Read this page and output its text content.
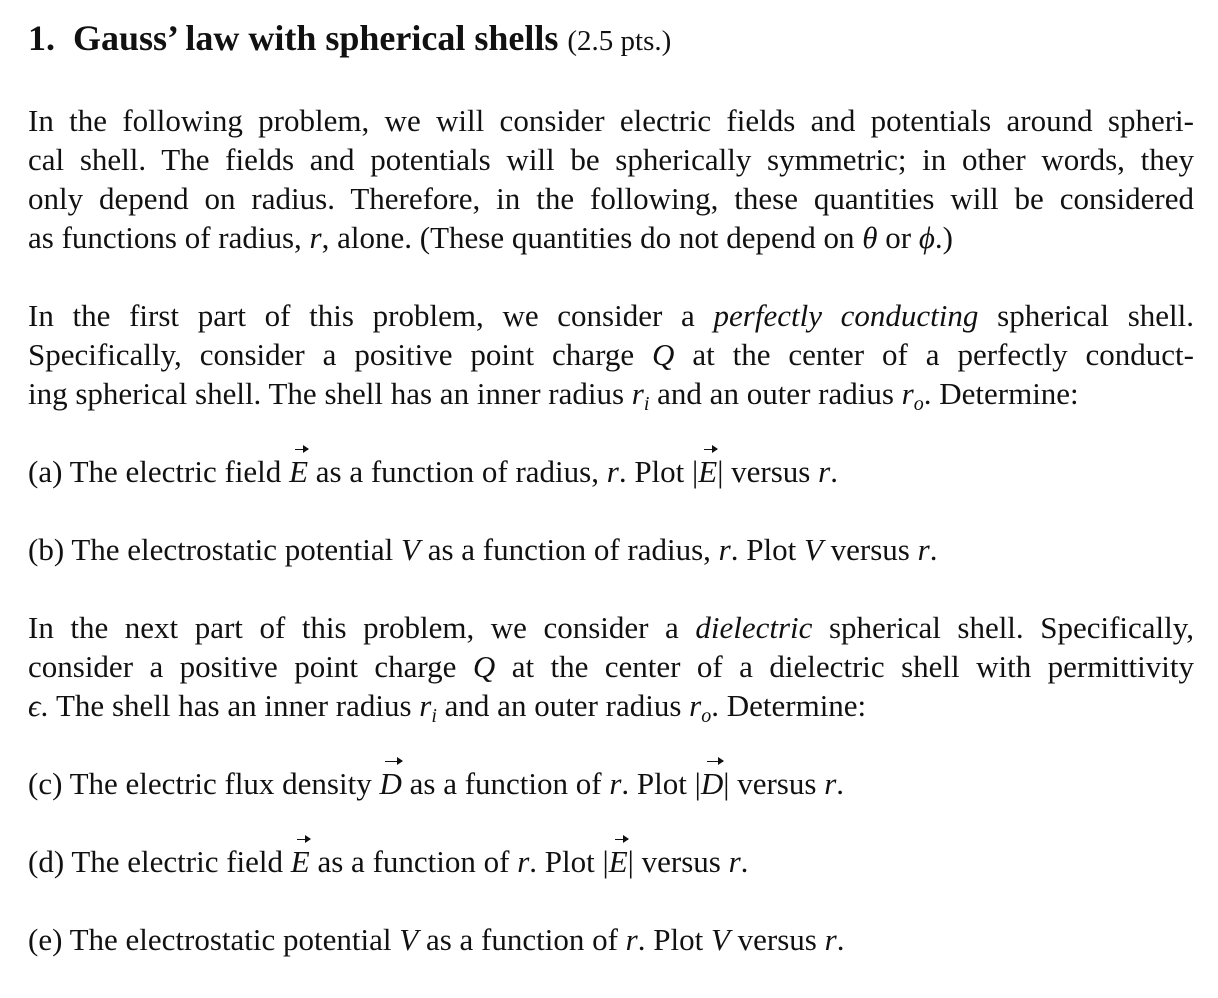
1. Gauss’ law with spherical shells (2.5 pts.)
In the following problem, we will consider electric fields and potentials around spheri-
cal shell. The fields and potentials will be spherically symmetric; in other words, they
only depend on radius. Therefore, in the following, these quantities will be considered
as functions of radius, r, alone. (These quantities do not depend on θ or ϕ.)
In the first part of this problem, we consider a perfectly conducting spherical shell.
Specifically, consider a positive point charge Q at the center of a perfectly conduct-
ing spherical shell. The shell has an inner radius $r_i$ and an outer radius $r_o$. Determine:
(a) The electric field E as a function of radius, r. Plot |E| versus r.
(b) The electrostatic potential V as a function of radius, r. Plot V versus r.
In the next part of this problem, we consider a dielectric spherical shell. Specifically,
consider a positive point charge Q at the center of a dielectric shell with permittivity
ϵ. The shell has an inner radius $r_i$ and an outer radius $r_o$. Determine:
(c) The electric flux density D as a function of r. Plot |D| versus r.
(d) The electric field E as a function of r. Plot |E| versus r.
(e) The electrostatic potential V as a function of r. Plot V versus r.
